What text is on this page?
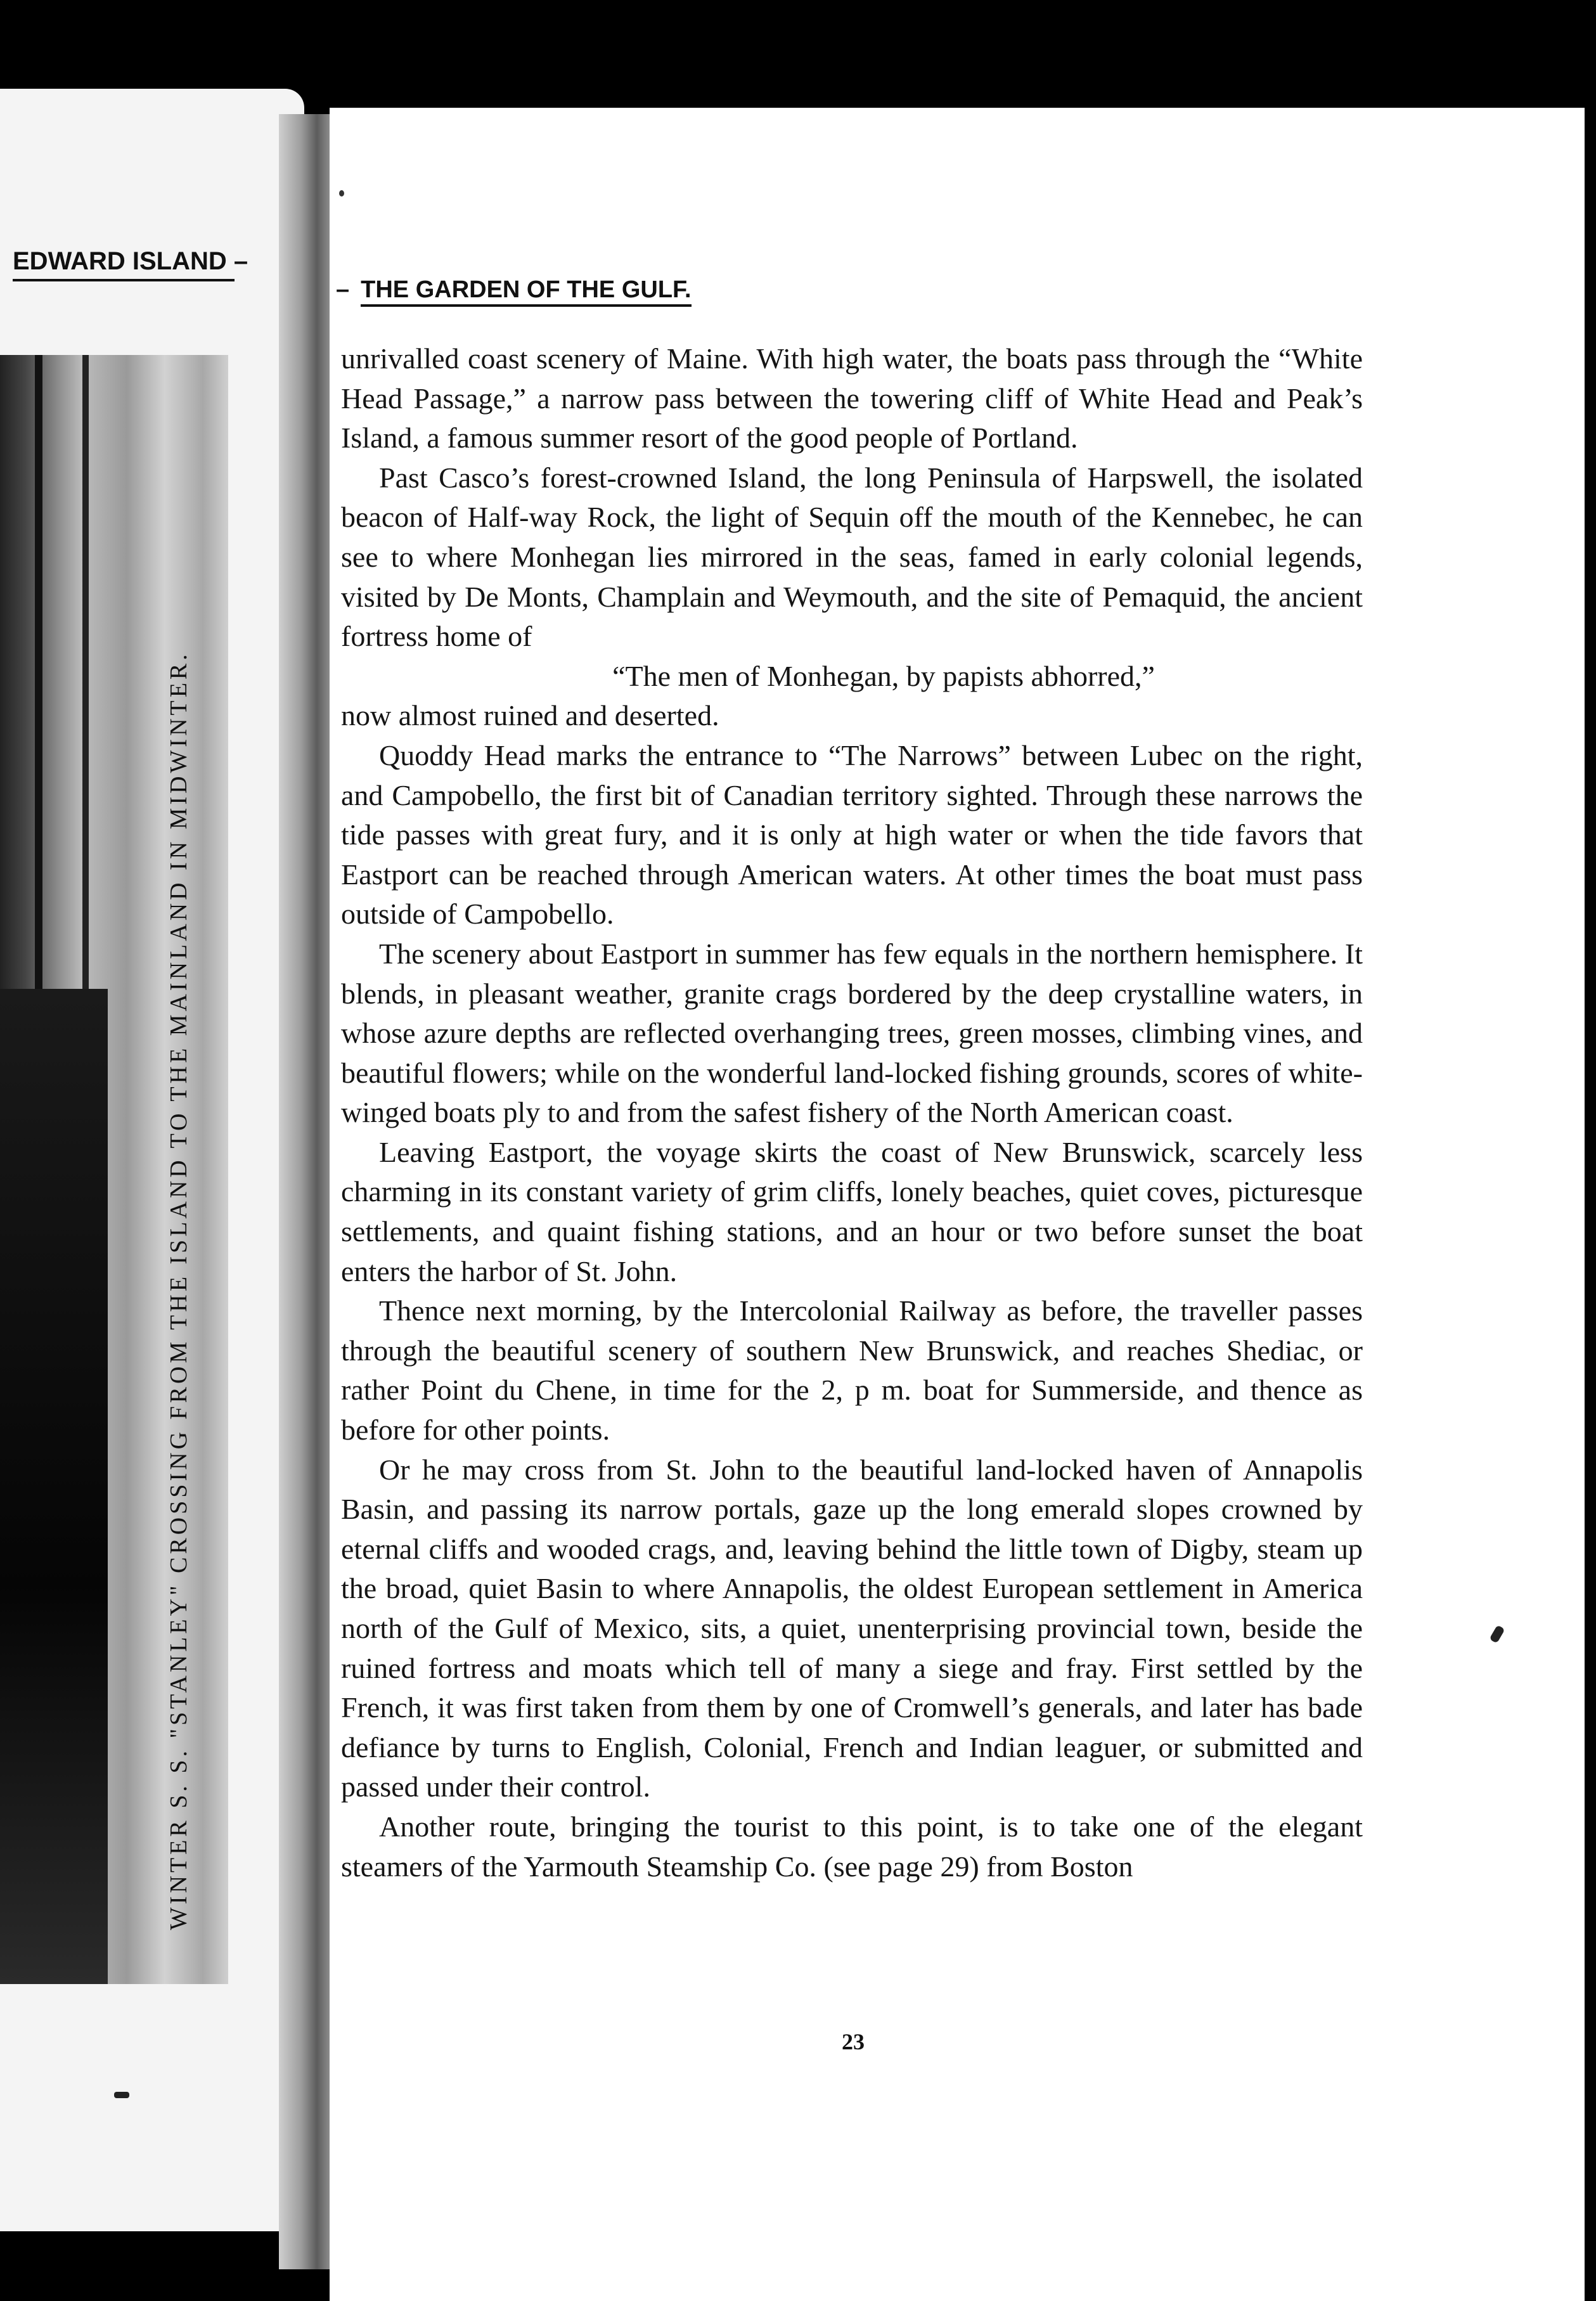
EDWARD ISLAND –
WINTER S. S. "STANLEY" CROSSING FROM THE ISLAND TO THE MAINLAND IN MIDWINTER.
– THE GARDEN OF THE GULF.

unrivalled coast scenery of Maine. With high water, the boats pass through the “White Head Passage,” a narrow pass between the towering cliff of White Head and Peak’s Island, a famous summer resort of the good people of Portland.

Past Casco’s forest-crowned Island, the long Peninsula of Harpswell, the isolated beacon of Half-way Rock, the light of Sequin off the mouth of the Kennebec, he can see to where Monhegan lies mirrored in the seas, famed in early colonial legends, visited by De Monts, Champlain and Weymouth, and the site of Pemaquid, the ancient fortress home of

“The men of Monhegan, by papists abhorred,”

now almost ruined and deserted.

Quoddy Head marks the entrance to “The Narrows” between Lubec on the right, and Campobello, the first bit of Canadian territory sighted. Through these narrows the tide passes with great fury, and it is only at high water or when the tide favors that Eastport can be reached through American waters. At other times the boat must pass outside of Campobello.

The scenery about Eastport in summer has few equals in the northern hemisphere. It blends, in pleasant weather, granite crags bordered by the deep crystalline waters, in whose azure depths are reflected overhanging trees, green mosses, climbing vines, and beautiful flowers; while on the wonderful land-locked fishing grounds, scores of white-winged boats ply to and from the safest fishery of the North American coast.

Leaving Eastport, the voyage skirts the coast of New Brunswick, scarcely less charming in its constant variety of grim cliffs, lonely beaches, quiet coves, picturesque settlements, and quaint fishing stations, and an hour or two before sunset the boat enters the harbor of St. John.

Thence next morning, by the Intercolonial Railway as before, the traveller passes through the beautiful scenery of southern New Brunswick, and reaches Shediac, or rather Point du Chene, in time for the 2, p m. boat for Summerside, and thence as before for other points.

Or he may cross from St. John to the beautiful land-locked haven of Annapolis Basin, and passing its narrow portals, gaze up the long emerald slopes crowned by eternal cliffs and wooded crags, and, leaving behind the little town of Digby, steam up the broad, quiet Basin to where Annapolis, the oldest European settlement in America north of the Gulf of Mexico, sits, a quiet, unenterprising provincial town, beside the ruined fortress and moats which tell of many a siege and fray. First settled by the French, it was first taken from them by one of Cromwell’s generals, and later has bade defiance by turns to English, Colonial, French and Indian leaguer, or submitted and passed under their control.

Another route, bringing the tourist to this point, is to take one of the elegant steamers of the Yarmouth Steamship Co. (see page 29) from Boston

23
